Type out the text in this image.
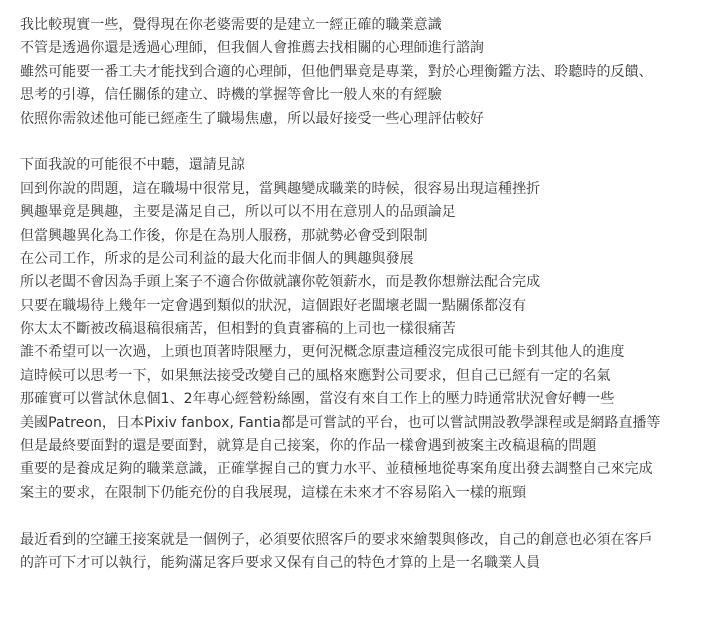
我比較現實一些，覺得現在你老婆需要的是建立一經正確的職業意識
不管是透過你還是透過心理師，但我個人會推薦去找相關的心理師進行諮詢
雖然可能要一番工夫才能找到合適的心理師，但他們畢竟是專業，對於心理衡鑑方法、聆聽時的反饋、
思考的引導，信任關係的建立、時機的掌握等會比一般人來的有經驗
依照你需敘述他可能已經產生了職場焦慮，所以最好接受一些心理評估較好
下面我說的可能很不中聽，還請見諒
回到你說的問題，這在職場中很常見，當興趣變成職業的時候，很容易出現這種挫折
興趣畢竟是興趣，主要是滿足自己，所以可以不用在意別人的品頭論足
但當興趣異化為工作後，你是在為別人服務，那就勢必會受到限制
在公司工作，所求的是公司利益的最大化而非個人的興趣與發展
所以老闆不會因為手頭上案子不適合你做就讓你乾領薪水，而是教你想辦法配合完成
只要在職場待上幾年一定會遇到類似的狀況，這個跟好老闆壞老闆一點關係都沒有
你太太不斷被改稿退稿很痛苦，但相對的負責審稿的上司也一樣很痛苦
誰不希望可以一次過，上頭也頂著時限壓力，更何況概念原畫這種沒完成很可能卡到其他人的進度
這時候可以思考一下，如果無法接受改變自己的風格來應對公司要求，但自己已經有一定的名氣
那確實可以嘗試休息個1、2年專心經營粉絲團，當沒有來自工作上的壓力時通常狀況會好轉一些
美國Patreon，日本Pixiv fanbox, Fantia都是可嘗試的平台，也可以嘗試開設教學課程或是網路直播等
但是最終要面對的還是要面對，就算是自己接案，你的作品一樣會遇到被案主改稿退稿的問題
重要的是養成足夠的職業意識，正確掌握自己的實力水平、並積極地從專案角度出發去調整自己來完成
案主的要求，在限制下仍能充份的自我展現，這樣在未來才不容易陷入一樣的瓶頸
最近看到的空罐王接案就是一個例子，必須要依照客戶的要求來繪製與修改，自己的創意也必須在客戶
的許可下才可以執行，能夠滿足客戶要求又保有自己的特色才算的上是一名職業人員
